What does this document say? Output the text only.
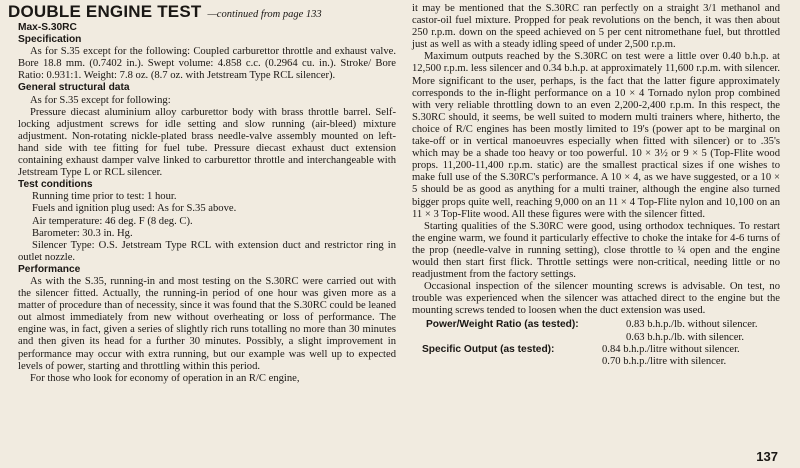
DOUBLE ENGINE TEST —continued from page 133

Max-S.30RC

Specification

As for S.35 except for the following: Coupled carburettor throttle and exhaust valve. Bore 18.8 mm. (0.7402 in.). Swept volume: 4.858 c.c. (0.2964 cu. in.). Stroke/ Bore Ratio: 0.931:1. Weight: 7.8 oz. (8.7 oz. with Jetstream Type RCL silencer).

General structural data

As for S.35 except for following:

Pressure diecast aluminium alloy carburettor body with brass throttle barrel. Self-locking adjustment screws for idle setting and slow running (air-bleed) mixture adjustment. Non-rotating nickle-plated brass needle-valve assembly mounted on left-hand side with tee fitting for fuel tube. Pressure diecast exhaust duct extension containing exhaust damper valve linked to carburettor throttle and interchangeable with Jetstream Type L or RCL silencer.

Test conditions

Running time prior to test: 1 hour.

Fuels and ignition plug used: As for S.35 above.

Air temperature: 46 deg. F (8 deg. C).

Barometer: 30.3 in. Hg.

Silencer Type: O.S. Jetstream Type RCL with extension duct and restrictor ring in outlet nozzle.

Performance

As with the S.35, running-in and most testing on the S.30RC were carried out with the silencer fitted. Actually, the running-in period of one hour was given more as a matter of procedure than of necessity, since it was found that the S.30RC could be leaned out almost immediately from new without overheating or loss of performance. The engine was, in fact, given a series of slightly rich runs totalling no more than 30 minutes and then given its head for a further 30 minutes. Possibly, a slight improvement in performance may occur with extra running, but our example was well up to expected levels of power, starting and throttling within this period.

For those who look for economy of operation in an R/C engine,

it may be mentioned that the S.30RC ran perfectly on a straight 3/1 methanol and castor-oil fuel mixture. Propped for peak revolutions on the bench, it was then about 250 r.p.m. down on the speed achieved on 5 per cent nitromethane fuel, but throttled just as well as with a steady idling speed of under 2,500 r.p.m.

Maximum outputs reached by the S.30RC on test were a little over 0.40 b.h.p. at 12,500 r.p.m. less silencer and 0.34 b.h.p. at approximately 11,600 r.p.m. with silencer. More significant to the user, perhaps, is the fact that the latter figure approximately corresponds to the in-flight performance on a 10 × 4 Tornado nylon prop combined with very reliable throttling down to an even 2,200-2,400 r.p.m. In this respect, the S.30RC should, it seems, be well suited to modern multi trainers where, hitherto, the choice of R/C engines has been mostly limited to 19's (power apt to be marginal on take-off or in vertical manoeuvres especially when fitted with silencer) or to .35's which may be a shade too heavy or too powerful. 10 × 3½ or 9 × 5 (Top-Flite wood props. 11,200-11,400 r.p.m. static) are the smallest practical sizes if one wishes to make full use of the S.30RC's performance. A 10 × 4, as we have suggested, or a 10 × 5 should be as good as anything for a multi trainer, although the engine also turned bigger props quite well, reaching 9,000 on an 11 × 4 Top-Flite nylon and 10,100 on an 11 × 3 Top-Flite wood. All these figures were with the silencer fitted.

Starting qualities of the S.30RC were good, using orthodox techniques. To restart the engine warm, we found it particularly effective to choke the intake for 4-6 turns of the prop (needle-valve in running setting), close throttle to ¼ open and the engine would then start first flick. Throttle settings were non-critical, needing little or no readjustment from the factory settings.

Occasional inspection of the silencer mounting screws is advisable. On test, no trouble was experienced when the silencer was attached direct to the engine but the mounting screws tended to loosen when the duct extension was used.

Power/Weight Ratio (as tested):	0.83 b.h.p./lb. without silencer.
0.63 b.h.p./lb. with silencer.
Specific Output (as tested):	0.84 b.h.p./litre without silencer.
0.70 b.h.p./litre with silencer.
137
